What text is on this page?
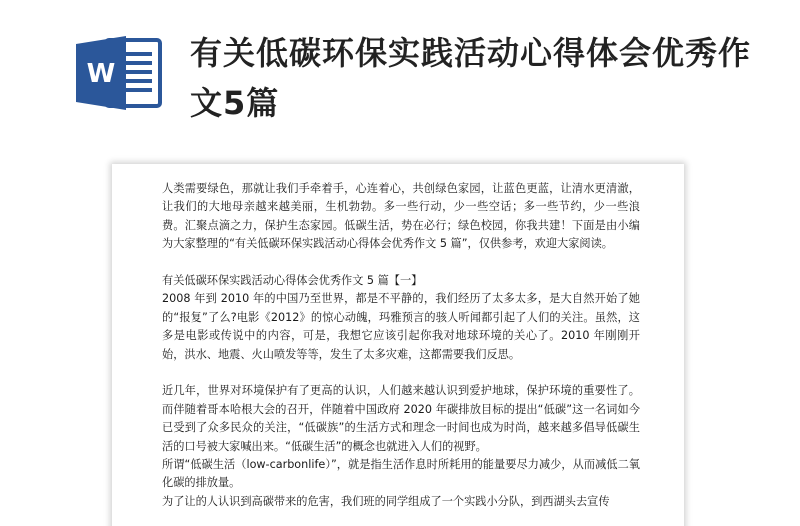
W
有关低碳环保实践活动心得体会优秀作文5篇

人类需要绿色，那就让我们手牵着手，心连着心，共创绿色家园，让蓝色更蓝，让清水更清澈，让我们的大地母亲越来越美丽，生机勃勃。多一些行动，少一些空话；多一些节约，少一些浪费。汇聚点滴之力，保护生态家园。低碳生活，势在必行；绿色校园，你我共建！下面是由小编为大家整理的“有关低碳环保实践活动心得体会优秀作文 5 篇”，仅供参考，欢迎大家阅读。

有关低碳环保实践活动心得体会优秀作文 5 篇【一】

2008 年到 2010 年的中国乃至世界，都是不平静的，我们经历了太多太多，是大自然开始了她的“报复”了么?电影《2012》的惊心动魄，玛雅预言的骇人听闻都引起了人们的关注。虽然，这多是电影或传说中的内容，可是，我想它应该引起你我对地球环境的关心了。2010 年刚刚开始，洪水、地震、火山喷发等等，发生了太多灾难，这都需要我们反思。

近几年，世界对环境保护有了更高的认识，人们越来越认识到爱护地球，保护环境的重要性了。而伴随着哥本哈根大会的召开，伴随着中国政府 2020 年碳排放目标的提出“低碳”这一名词如今已受到了众多民众的关注，“低碳族”的生活方式和理念一时间也成为时尚，越来越多倡导低碳生活的口号被大家喊出来。“低碳生活”的概念也就进入人们的视野。

所谓“低碳生活（low-carbonlife）”，就是指生活作息时所耗用的能量要尽力减少，从而减低二氧化碳的排放量。

为了让的人认识到高碳带来的危害，我们班的同学组成了一个实践小分队，到西湖头去宣传
